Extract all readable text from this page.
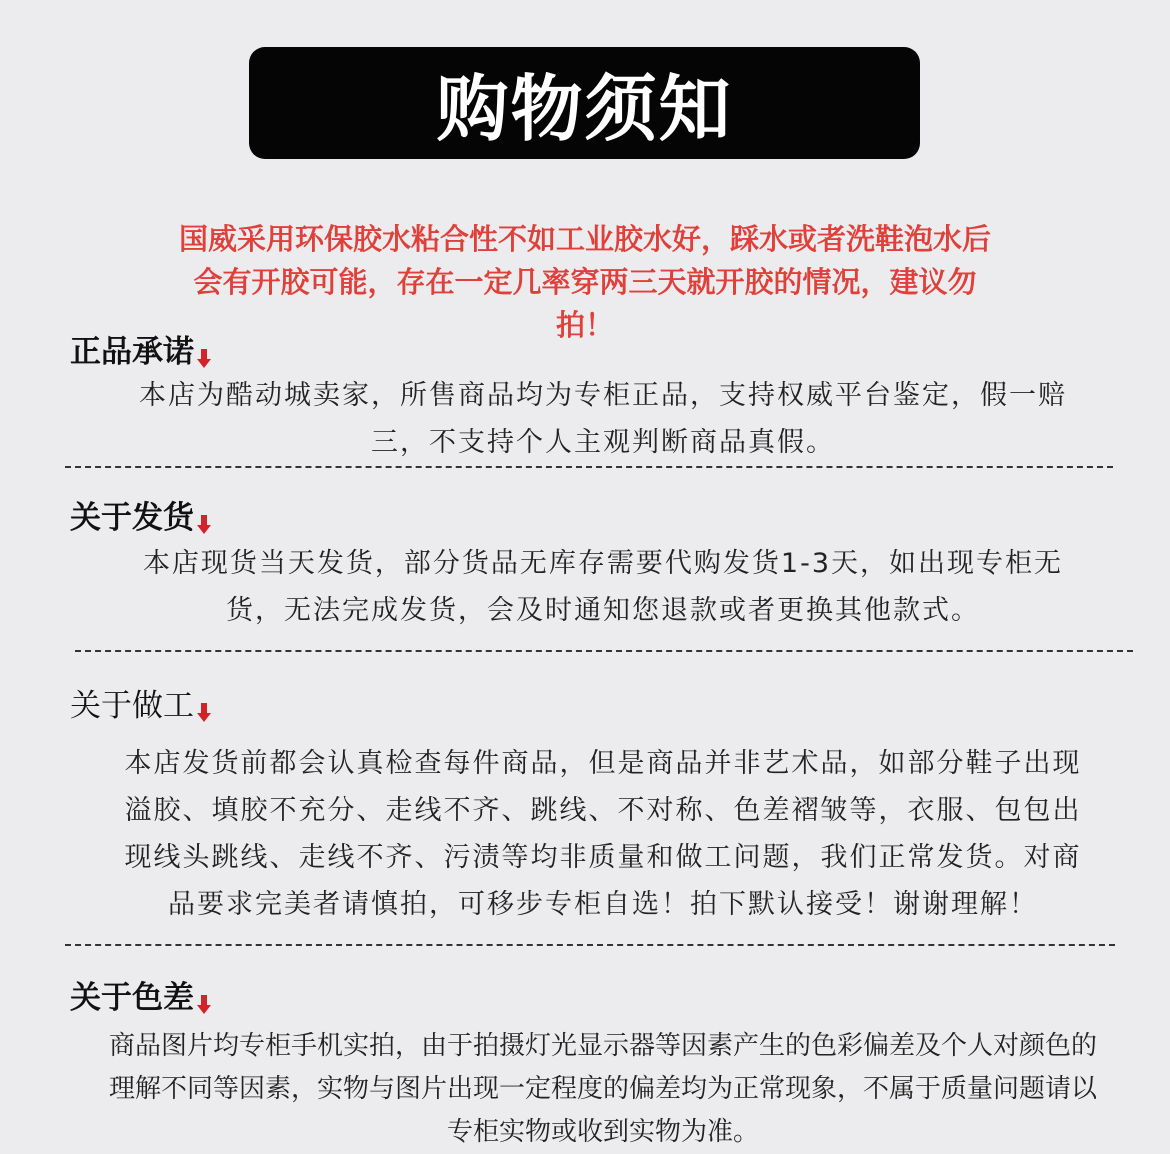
购物须知
国威采用环保胶水粘合性不如工业胶水好，踩水或者洗鞋泡水后
会有开胶可能，存在一定几率穿两三天就开胶的情况，建议勿
拍！
正品承诺
本店为酷动城卖家，所售商品均为专柜正品，支持权威平台鉴定，假一赔
三，不支持个人主观判断商品真假。
关于发货
本店现货当天发货，部分货品无库存需要代购发货1-3天，如出现专柜无
货，无法完成发货，会及时通知您退款或者更换其他款式。
关于做工
本店发货前都会认真检查每件商品，但是商品并非艺术品，如部分鞋子出现
溢胶、填胶不充分、走线不齐、跳线、不对称、色差褶皱等，衣服、包包出
现线头跳线、走线不齐、污渍等均非质量和做工问题，我们正常发货。对商
品要求完美者请慎拍，可移步专柜自选！拍下默认接受！谢谢理解！
关于色差
商品图片均专柜手机实拍，由于拍摄灯光显示器等因素产生的色彩偏差及个人对颜色的
理解不同等因素，实物与图片出现一定程度的偏差均为正常现象，不属于质量问题请以
专柜实物或收到实物为准。
